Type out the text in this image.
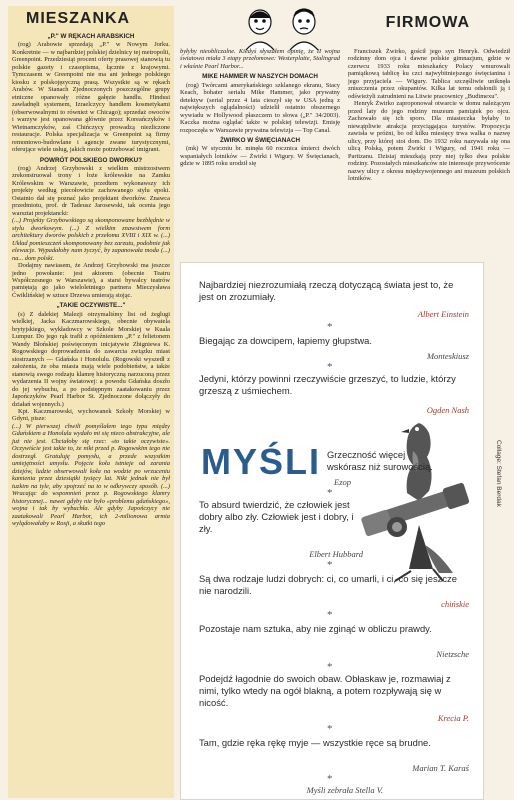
MIESZANKA
„P." W RĘKACH ARABSKICH

(rog) Arabowie sprzedają „P." w Nowym Jorku. Konkretnie — w najbardziej polskiej dzielnicy tej metropolii, Greenpoint. Przedziesiąt procent oferty prasowej stanowią tu polskie gazety i czasopisma, łącznie z krajowymi. Tymczasem w Greenpoint nie ma ani jednego polskiego kiosku z polskojęzyczną prasą. Wszystkie są w rękach Arabów. W Stanach Zjednoczonych poszczególne grupy etniczne opanowały różne gałęzie handlu. Hindusi zawładnęli systemem, Izraelczycy handlem kosmetykami (obserwowalnymi to również w Chicago); sprzedaż owoców i warzyw jest opanowana głównie przez Koreańczyków i Wietnamczyków, zaś Chińczycy prowadzą niezliczone restauracje. Polska specjalizacja w Greenpoint są firmy remontowo-budowlane i agencje zwane turystycznymi, oferujące wiele usług, jakich może potrzebować imigrant.

POWRÓT POLSKIEGO DWORKU?

(rog) Andrzej Grzybowski z wielkim mistrzostwem zrekonstruował trony i łoże królewskie na Zamku Królewskim w Warszawie, przedtem wykonawszy ich projekty według piecołowicie zachowanego stylu epoki. Ostatnio dał się poznać jako projektant dworków. Znawca przedmiotu, prof. dr Tadeusz Jarosewski, tak ocenia jego warsztat projektancki:

(...) Projekty Grzybowskiego są skomponowane bezbłędnie w stylu dworkowym. (...) Z wielkim znawstwem form architektury dworów polskich z przełomu XVIII i XIX w. (...) Układ pomieszczeń skomponowany bez zarzutu, podobnie jak elewacje. Wypadałoby nam życzyć, by zapanowała moda (...) na... dom polski.

Dodajmy nawiasem, że Andrzej Grzybowski ma jeszcze jedno powołanie: jest aktorem (obecnie Teatru Współczesnego w Warszawie), a starsi bywalcy teatrów pamiętają go jako wieloletniego partnera Mieczysława Ćwiklińskiej w sztuce Drzewa umierają stojąc.

„TAKIE OCZYWISTE..."

(s) Z dalekiej Malezji otrzymaliśmy list od żeglugi wielkiej, Jacka Kaczmarowskiego, obecnie obywatela brytyjskiego, wykładowcy w Szkole Morskiej w Kuala Lumpur. Do jego rąk trafił z opóźnieniem „P." z felietonem Wandy Błońskiej poświęconym inicjatywie Zbigniewa K. Rogowskiego doprowadzenia do zawarcia związku miast siostrzanych — Gdańska i Honolulu. (Rogowski wyszedł z założenia, że oba miasta mają wiele podobieństw, a także stanowią swego rodzaju klamrę historyczną narzuconą przez wydarzenia II wojny światowej: a powodu Gdańska doszło do jej wybuchu, a po podstępnym zaatakowaniu przez Japończyków Pearl Harbor St. Zjednoczone dołączyły do działań wojennych.)

Kpt. Kaczmarowski, wychowanek Szkoły Morskiej w Gdyni, pisze:

(...) W pierwszej chwili pomyślałem tego typu między Gdańskiem a Honolulu wydało mi się nieco abstrakcyjne, ale już nie jest. Chciałoby się rzec: «to takie oczywiste». Oczywiście jest takie to, że nikt przed p. Rogowskim tego nie dostrzegł. Gratuluję pomysłu, a przede wszystkim umiejętności umysłu. Pojęcie koła istnieje od zarania dziejów, ludzie obserwowali koła na wodzie po wrzuceniu kamienia przez dziesiątki tysięcy lat. Nikt jednak nie był tuzkim na tyle, aby spojrzeć na to w odkrywczy sposób. (...) Wracając do wspomnień przez p. Rogowskiego klamry historycznej... nawet gdyby nie było «problemu gdańskiego», wojna i tak by wybuchła. Ale gdyby Japończycy nie zaatakowali Pearl Harbor, ich 2-milionowa armia wylądowałaby w Rosji, a skutki tego

FIRMOWA

byłyby nieobliczalne. Kiedyś słyszałem opinię, że II wojna światowa miała 3 etapy przełomowe: Westerplatte, Stalingrad i właśnie Pearl Harbor...

MIKE HAMMER W NASZYCH DOMACH

(rog) Twórcami amerykańskiego szklanego ekranu, Stacy Keach, bohater serialu Mike Hammer, jako prywatny detektyw (serial przez 4 lata cieszył się w USA jedną z największych oglądalności) udzielił ostatnio obszernego wywiadu w Hollywood płaszczem to słowa („P." 34/2003). Kaczka można oglądać także w polskiej telewizji. Emisję rozpoczęła w Warszawie prywatna telewizja — Top Canal.

ŻWIRKO W ŚWIĘCIANACH

(mk) W styczniu br. minęła 60 rocznica śmierci dwóch wspaniałych lotników — Żwirki i Wigury. W Święcianach, gdzie w 1895 roku urodził się

Franciszek Żwirko, gościł jego syn Henryk. Odwiedził rodzinny dom ojca i dawne polskie gimnazjum, gdzie w czerwcu 1933 roku mieszkańcy Polacy wmurowali pamiątkową tablicę ku czci najwybitniejszego święcianina i jego przyjaciela — Wigury. Tablica szczęśliwie uniknęła zniszczenia przez okupantów. Kilka lat temu odsłonili ją i odświeżyli zatrudnieni na Litwie pracownicy „Budimexu".

Henryk Żwirko zaproponował otwarcie w domu należącym przed laty do jego rodziny muzeum pamiątek po ojcu. Zachowało się ich sporo. Dla miasteczka byłaby to niewątpliwie atrakcja przyciągająca turystów. Propozycja zawisła w próżni, bo od kilku miesięcy trwa walka o nazwę ulicy, przy której stoi dom. Do 1932 roku nazywała się ona ulicą Polską, potem Żwirki i Wigury, od 1941 roku — Partizanu. Dzisiaj mieszkają przy niej tylko dwa polskie rodziny. Pozostałych mieszkańców nie interesuje przywrócenie nazwy ulicy z okresu międzywojennego ani muzeum polskich lotników.

Najbardziej niezrozumiałą rzeczą dotyczącą świata jest to, że jest on zrozumiały.
Albert Einstein
*
Biegając za dowcipem, łapiemy głupstwa.
Monteskiusz
*
Jedyni, którzy powinni rzeczywiście grzeszyć, to ludzie, którzy grzeszą z uśmiechem.
Ogden Nash
MYŚLI Grzeczność więcej wskórasz niż surowością.
Ezop
*
To absurd twierdzić, że człowiek jest dobry albo zły. Człowiek jest i dobry, i zły.
Elbert Hubbard
*
Są dwa rodzaje ludzi dobrych: ci, co umarli, i ci, co się jeszcze nie narodzili.
chińskie
*
Pozostaje nam sztuka, aby nie zginąć w obliczu prawdy.
Nietzsche
*
Podejdź łagodnie do swoich obaw. Obłaskaw je, rozmawiaj z nimi, tylko wtedy na ogół blakną, a potem rozpływają się w nicość.
Krecia P.
*
Tam, gdzie ręka rękę myje — wszystkie ręce są brudne.
Marian T. Karaś
*
Myśli zebrała Stella V.
Collage: Stefan Berdak
